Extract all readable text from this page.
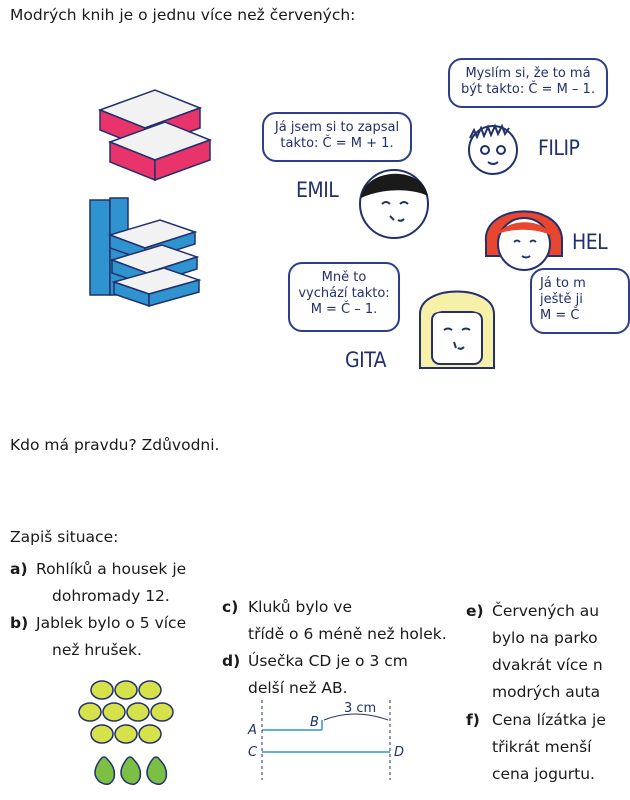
Modrých knih je o jednu více než červených:
Já jsem si to zapsal
takto: Č = M + 1.
EMIL
Myslím si, že to má
být takto: Č = M – 1.
FILIP
HEL
Já to m
ještě ji
M = Č
Mně to
vychází takto:
M = Č – 1.
GITA
Kdo má pravdu? Zdůvodni.
Zapiš situace:
a) Rohlíků a housek je
dohromady 12.
b) Jablek bylo o 5 více
než hrušek.
c) Kluků bylo ve
třídě o 6 méně než holek.
d) Úsečka CD je o 3 cm
delší než AB.
A
B
C	D
3 cm
e) Červených au
bylo na parko
dvakrát více n
modrých auta
f) Cena lízátka je
třikrát menší
cena jogurtu.
